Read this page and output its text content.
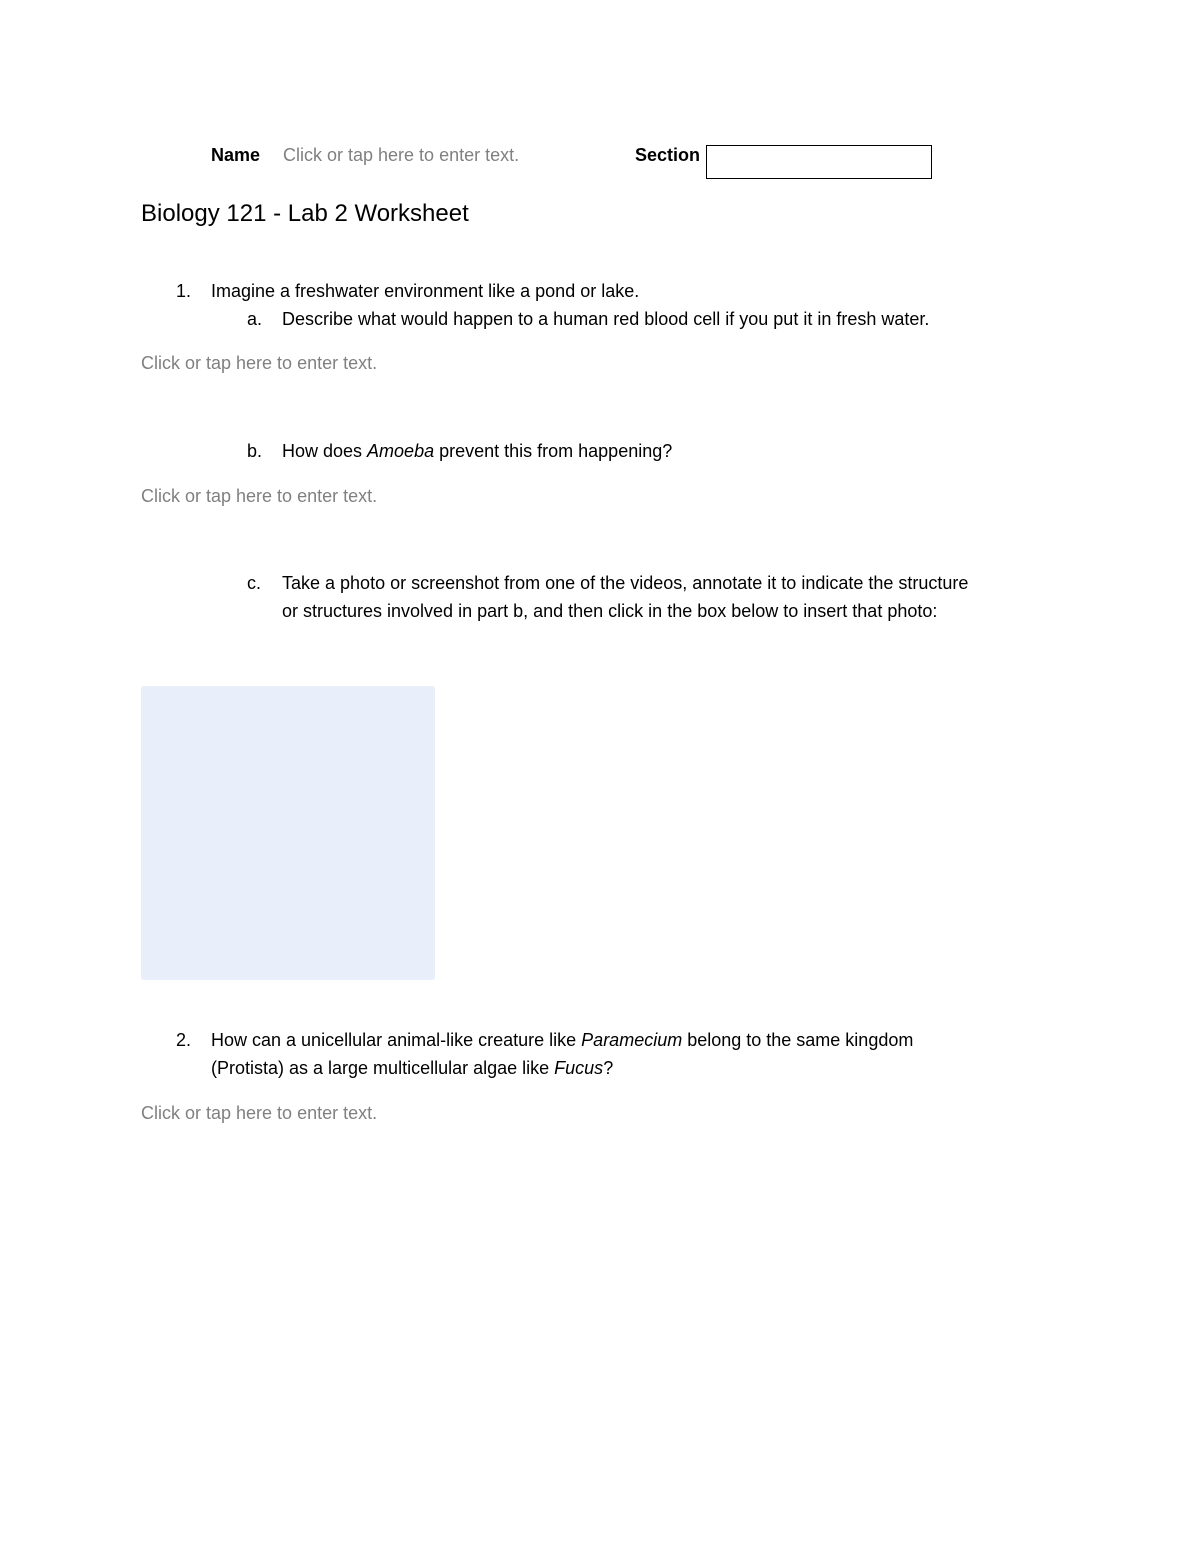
Name Click or tap here to enter text.	Section
Biology 121 - Lab 2 Worksheet
1. Imagine a freshwater environment like a pond or lake.
a. Describe what would happen to a human red blood cell if you put it in fresh water.
Click or tap here to enter text.
b. How does Amoeba prevent this from happening?
Click or tap here to enter text.
c. Take a photo or screenshot from one of the videos, annotate it to indicate the structure
or structures involved in part b, and then click in the box below to insert that photo:
2. How can a unicellular animal-like creature like Paramecium belong to the same kingdom
(Protista) as a large multicellular algae like Fucus?
Click or tap here to enter text.
